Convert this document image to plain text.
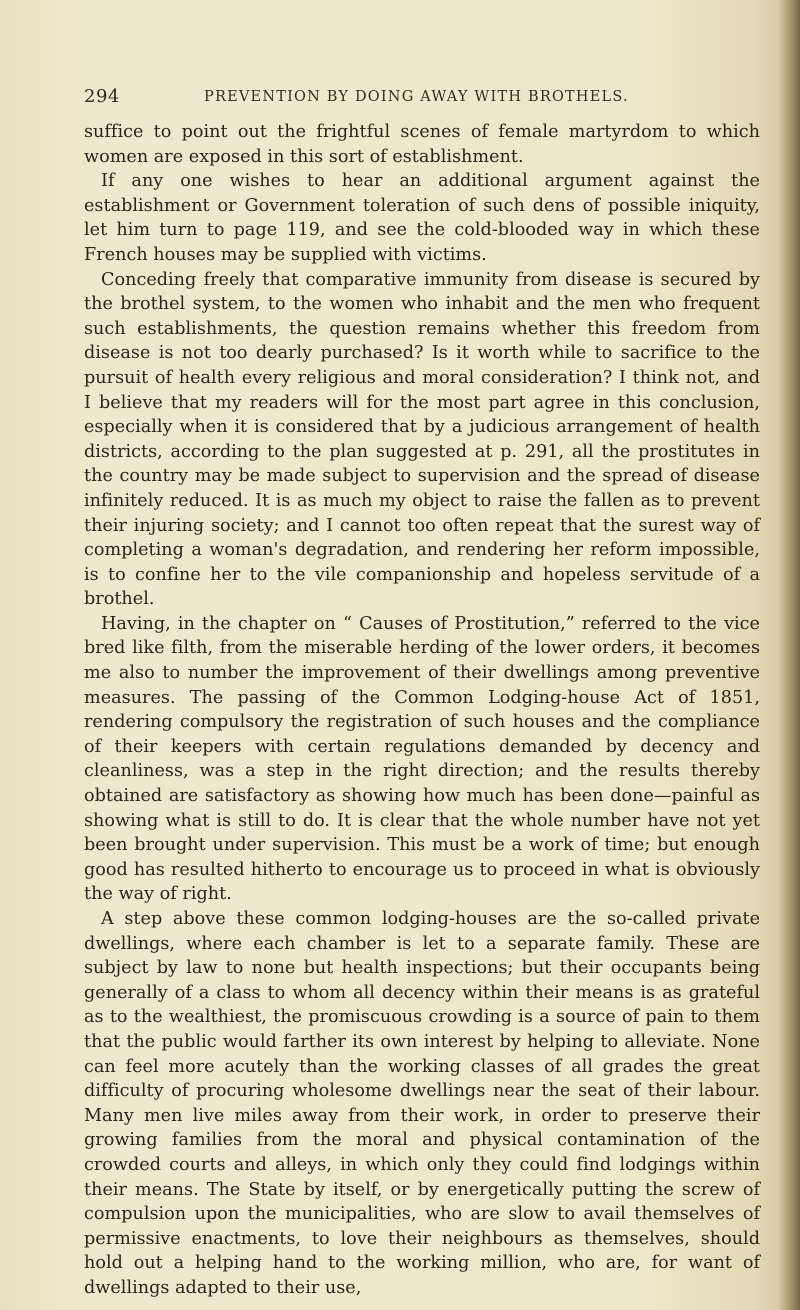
294	PREVENTION BY DOING AWAY WITH BROTHELS.

suffice to point out the frightful scenes of female martyrdom to which women are exposed in this sort of establishment.

If any one wishes to hear an additional argument against the establishment or Government toleration of such dens of possible iniquity, let him turn to page 119, and see the cold-blooded way in which these French houses may be supplied with victims.

Conceding freely that comparative immunity from disease is secured by the brothel system, to the women who inhabit and the men who frequent such establishments, the question remains whether this freedom from disease is not too dearly purchased? Is it worth while to sacrifice to the pursuit of health every religious and moral consideration? I think not, and I believe that my readers will for the most part agree in this conclusion, especially when it is considered that by a judicious arrangement of health districts, according to the plan suggested at p. 291, all the prostitutes in the country may be made subject to supervision and the spread of disease infinitely reduced. It is as much my object to raise the fallen as to prevent their injuring society; and I cannot too often repeat that the surest way of completing a woman's degradation, and rendering her reform impossible, is to confine her to the vile companionship and hopeless servitude of a brothel.

Having, in the chapter on “ Causes of Prostitution,” referred to the vice bred like filth, from the miserable herding of the lower orders, it becomes me also to number the improvement of their dwellings among preventive measures. The passing of the Common Lodging-house Act of 1851, rendering compulsory the registration of such houses and the compliance of their keepers with certain regulations demanded by decency and cleanliness, was a step in the right direction; and the results thereby obtained are satisfactory as showing how much has been done—painful as showing what is still to do. It is clear that the whole number have not yet been brought under supervision. This must be a work of time; but enough good has resulted hitherto to encourage us to proceed in what is obviously the way of right.

A step above these common lodging-houses are the so-called private dwellings, where each chamber is let to a separate family. These are subject by law to none but health inspections; but their occupants being generally of a class to whom all decency within their means is as grateful as to the wealthiest, the promiscuous crowding is a source of pain to them that the public would farther its own interest by helping to alleviate. None can feel more acutely than the working classes of all grades the great difficulty of procuring wholesome dwellings near the seat of their labour. Many men live miles away from their work, in order to preserve their growing families from the moral and physical contamination of the crowded courts and alleys, in which only they could find lodgings within their means. The State by itself, or by energetically putting the screw of compulsion upon the municipalities, who are slow to avail themselves of permissive enactments, to love their neighbours as themselves, should hold out a helping hand to the working million, who are, for want of dwellings adapted to their use,
